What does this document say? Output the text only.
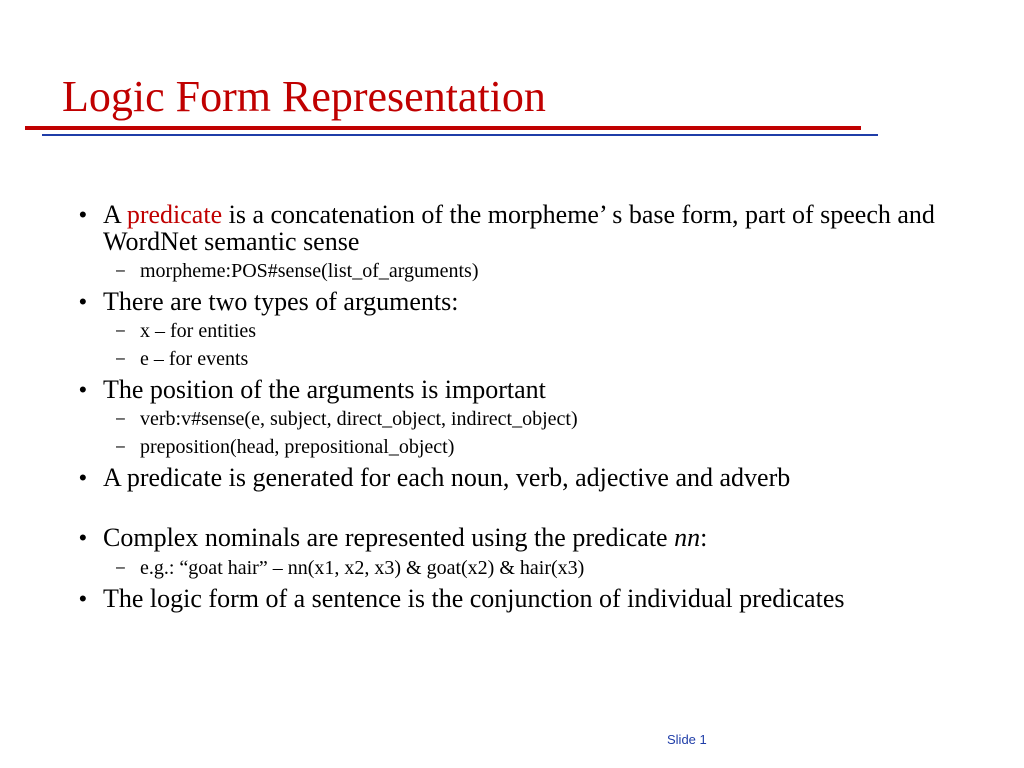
Logic Form Representation

• A predicate is a concatenation of the morpheme’ s base form, part of speech and WordNet semantic sense

– morpheme:POS#sense(list_of_arguments)

• There are two types of arguments:

– x – for entities

– e – for events

• The position of the arguments is important

– verb:v#sense(e, subject, direct_object, indirect_object)

– preposition(head, prepositional_object)

• A predicate is generated for each noun, verb, adjective and adverb

• Complex nominals are represented using the predicate nn:

– e.g.: “goat hair” – nn(x1, x2, x3) & goat(x2) & hair(x3)

• The logic form of a sentence is the conjunction of individual predicates

Slide 1
